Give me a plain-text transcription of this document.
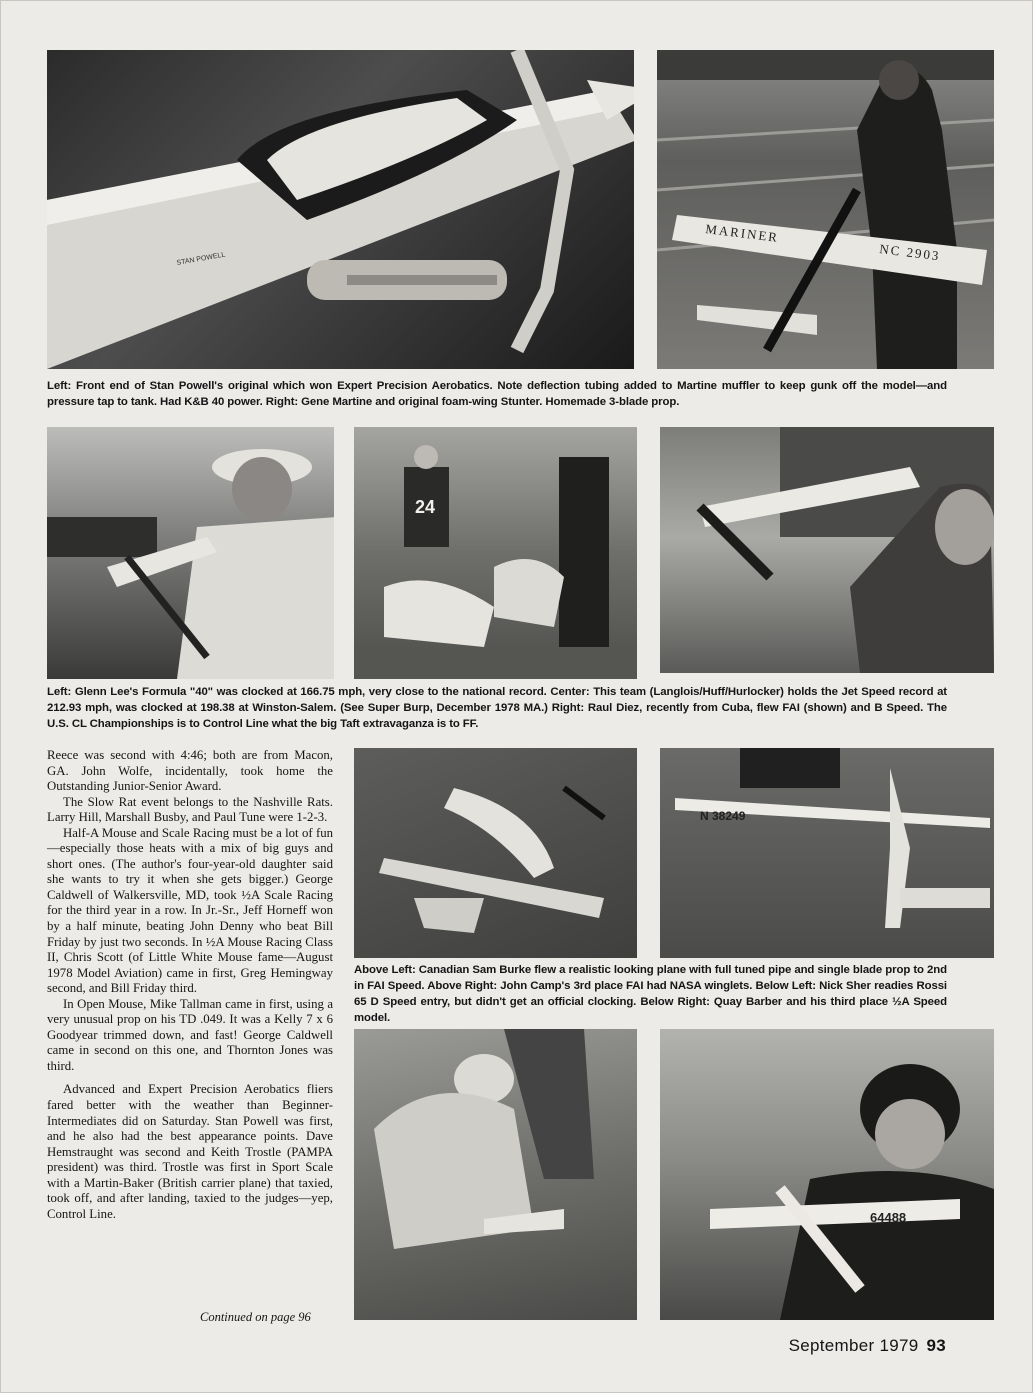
STAN POWELL
MARINER
NC 2903

Left: Front end of Stan Powell's original which won Expert Precision Aerobatics. Note deflection tubing added to Martine muffler to keep gunk off the model—and pressure tap to tank. Had K&B 40 power. Right: Gene Martine and original foam-wing Stunter. Homemade 3-blade prop.

24

Left: Glenn Lee's Formula "40" was clocked at 166.75 mph, very close to the national record. Center: This team (Langlois/Huff/Hurlocker) holds the Jet Speed record at 212.93 mph, was clocked at 198.38 at Winston-Salem. (See Super Burp, December 1978 MA.) Right: Raul Diez, recently from Cuba, flew FAI (shown) and B Speed. The U.S. CL Championships is to Control Line what the big Taft extravaganza is to FF.

Reece was second with 4:46; both are from Macon, GA. John Wolfe, incidentally, took home the Outstanding Junior-Senior Award.

The Slow Rat event belongs to the Nashville Rats. Larry Hill, Marshall Busby, and Paul Tune were 1-2-3.

Half-A Mouse and Scale Racing must be a lot of fun—especially those heats with a mix of big guys and short ones. (The author's four-year-old daughter said she wants to try it when she gets bigger.) George Caldwell of Walkersville, MD, took ½A Scale Racing for the third year in a row. In Jr.-Sr., Jeff Horneff won by a half minute, beating John Denny who beat Bill Friday by just two seconds. In ½A Mouse Racing Class II, Chris Scott (of Little White Mouse fame—August 1978 Model Aviation) came in first, Greg Hemingway second, and Bill Friday third.

In Open Mouse, Mike Tallman came in first, using a very unusual prop on his TD .049. It was a Kelly 7 x 6 Goodyear trimmed down, and fast! George Caldwell came in second on this one, and Thornton Jones was third.

Advanced and Expert Precision Aerobatics fliers fared better with the weather than Beginner-Intermediates did on Saturday. Stan Powell was first, and he also had the best appearance points. Dave Hemstraught was second and Keith Trostle (PAMPA president) was third. Trostle was first in Sport Scale with a Martin-Baker (British carrier plane) that taxied, took off, and after landing, taxied to the judges—yep, Control Line.

Continued on page 96
N 38249

Above Left: Canadian Sam Burke flew a realistic looking plane with full tuned pipe and single blade prop to 2nd in FAI Speed. Above Right: John Camp's 3rd place FAI had NASA winglets. Below Left: Nick Sher readies Rossi 65 D Speed entry, but didn't get an official clocking. Below Right: Quay Barber and his third place ½A Speed model.

64488
September 1979 93
